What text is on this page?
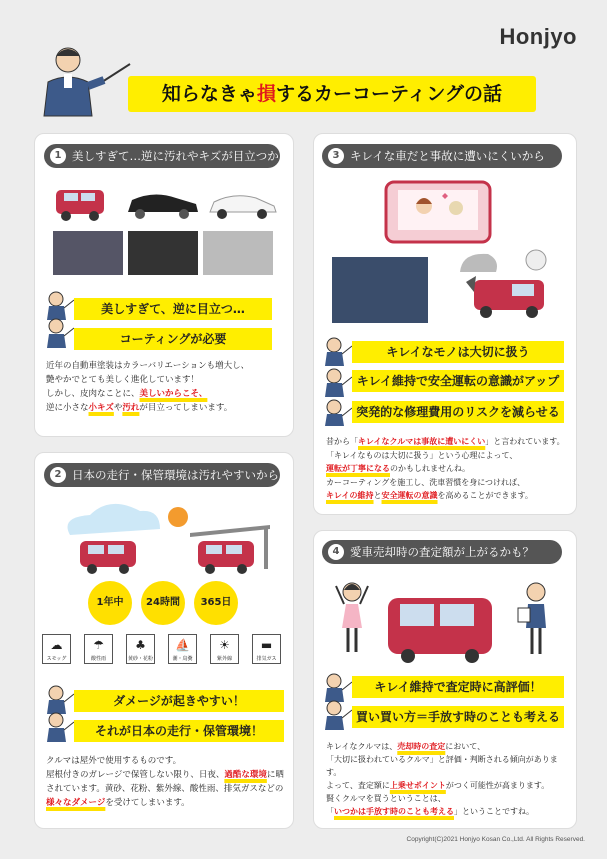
Honjyo
知らなきゃ損するカーコーティングの話
1 美しすぎて…逆に汚れやキズが目立つから
美しすぎて、逆に目立つ…
コーティングが必要
近年の自動車塗装はカラーバリエーションも増大し、
艶やかでとても美しく進化しています！
しかし、皮肉なことに、美しいからこそ、
逆に小さな小キズや汚れが目立ってしまいます。
2 日本の走行・保管環境は汚れやすいから
1年中	24時間	365日
☁
スモッグ
☂
酸性雨
♣
黄砂・花粉
⛵
潮・鳥糞
☀
紫外線
▬
排気ガス
ダメージが起きやすい！
それが日本の走行・保管環境！
クルマは屋外で使用するものです。
屋根付きのガレージで保管しない限り、日夜、過酷な環境に晒
されています。黄砂、花粉、紫外線、酸性雨、排気ガスなどの
様々なダメージを受けてしまいます。
3 キレイな車だと事故に遭いにくいから
キレイなモノは大切に扱う
キレイ維持で安全運転の意識がアップ
突発的な修理費用のリスクを減らせる
昔から「キレイなクルマは事故に遭いにくい」と言われています。
「キレイなものは大切に扱う」という心理によって、
運転が丁寧になるのかもしれませんね。
カーコーティングを施工し、洗車習慣を身につければ、
キレイの維持と安全運転の意識を高めることができます。
4 愛車売却時の査定額が上がるかも？
キレイ維持で査定時に高評価！
買い買い方＝手放す時のことも考える
キレイなクルマは、売却時の査定において、
「大切に扱われているクルマ」と評価・判断される傾向があります。
よって、査定額に上乗せポイントがつく可能性が高まります。
賢くクルマを買うということは、
「いつかは手放す時のことも考える」ということですね。
Copyright(C)2021 Honjyo Kosan Co.,Ltd. All Rights Reserved.
